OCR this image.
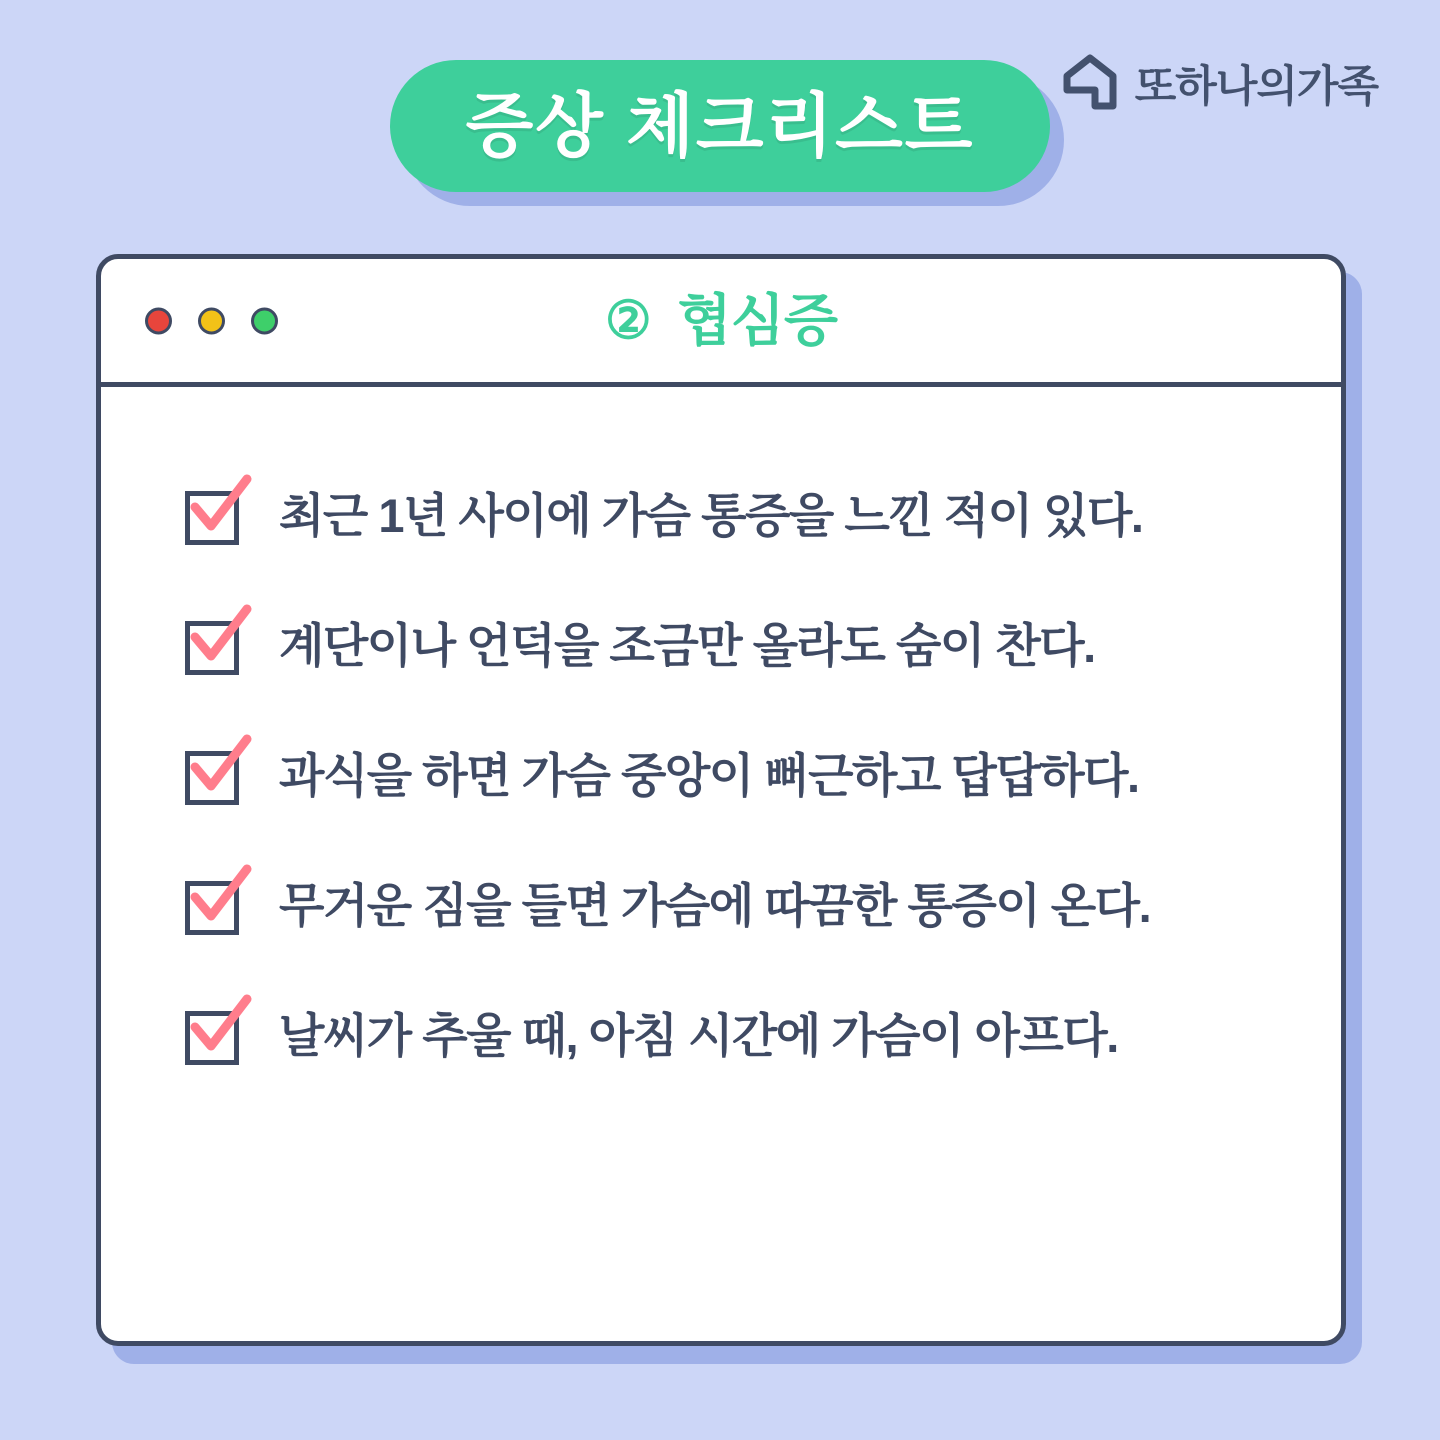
증상 체크리스트
또하나의가족
② 협심증
최근 1년 사이에 가슴 통증을 느낀 적이 있다.
계단이나 언덕을 조금만 올라도 숨이 찬다.
과식을 하면 가슴 중앙이 뻐근하고 답답하다.
무거운 짐을 들면 가슴에 따끔한 통증이 온다.
날씨가 추울 때, 아침 시간에 가슴이 아프다.
